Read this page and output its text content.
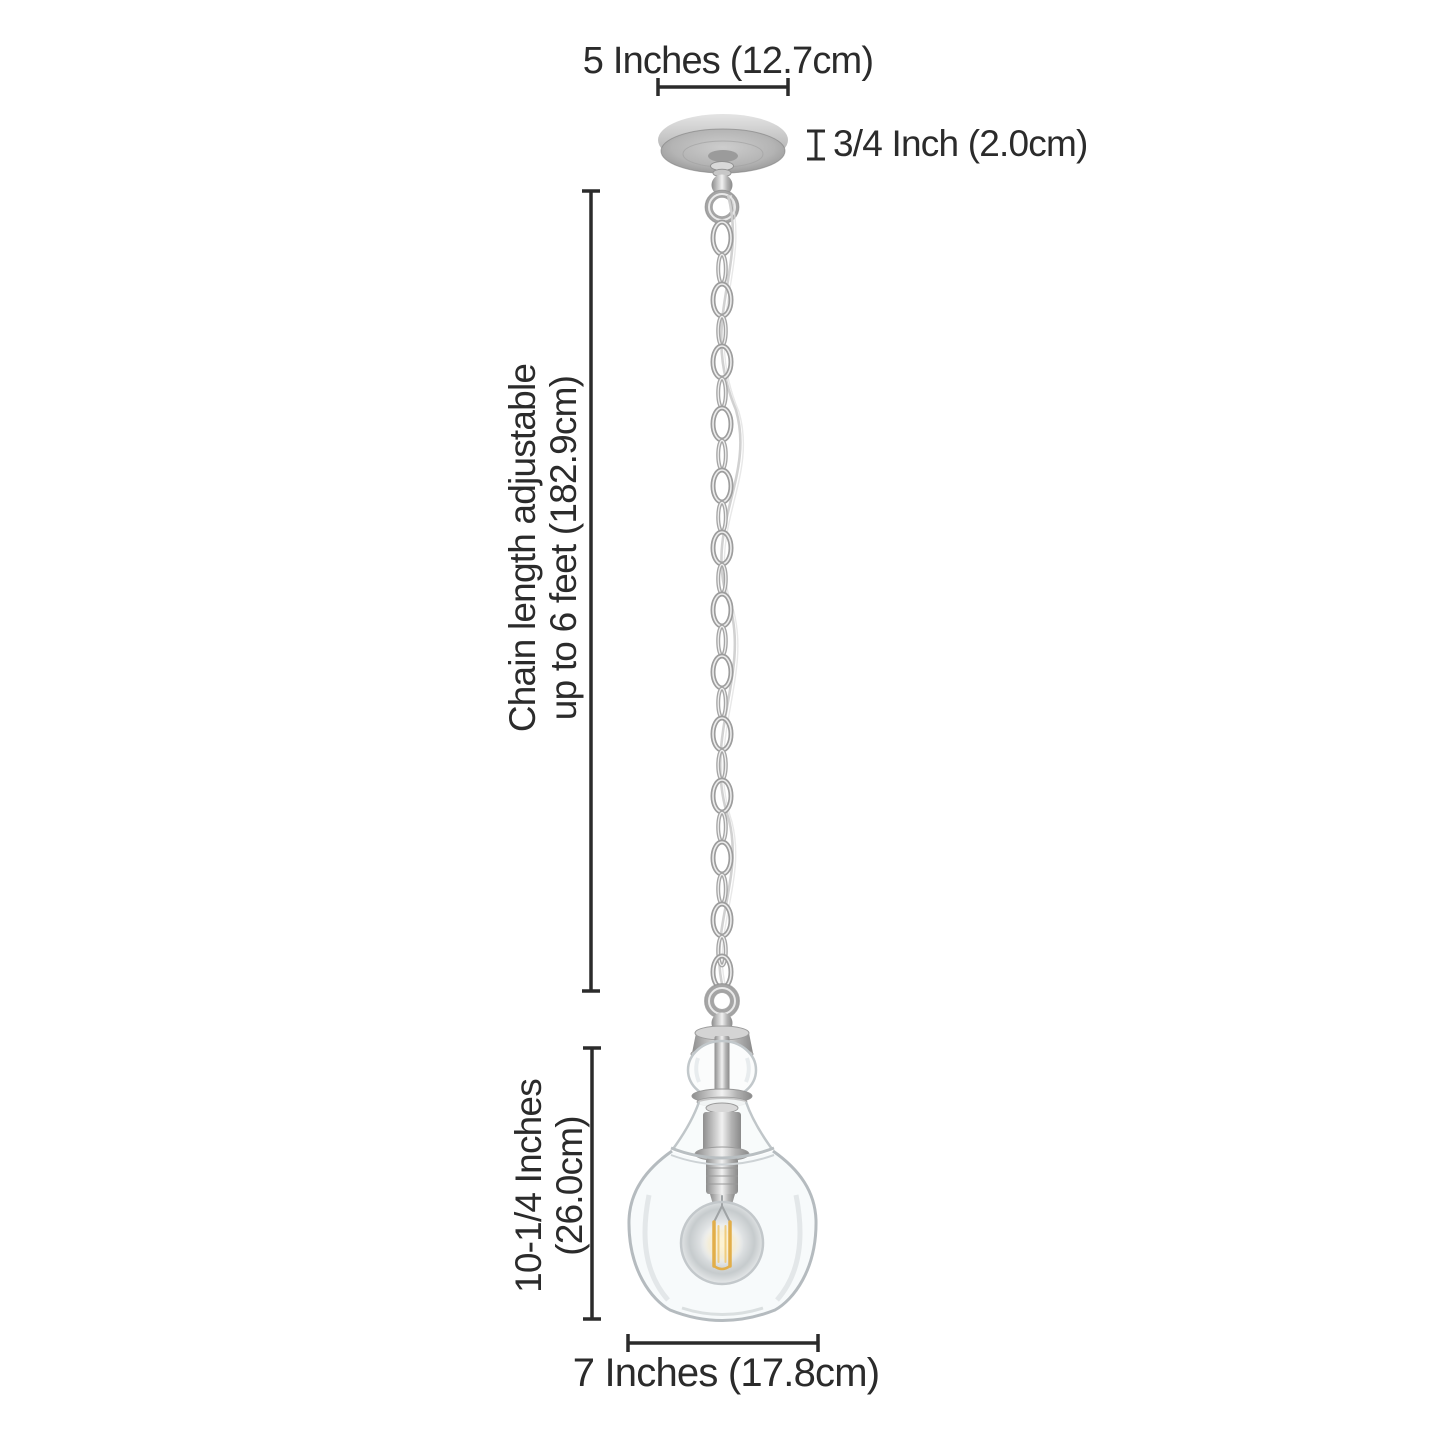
5 Inches (12.7cm)
3/4 Inch (2.0cm)
Chain length adjustable up to 6 feet (182.9cm)
10-1/4 Inches (26.0cm)
7 Inches (17.8cm)
